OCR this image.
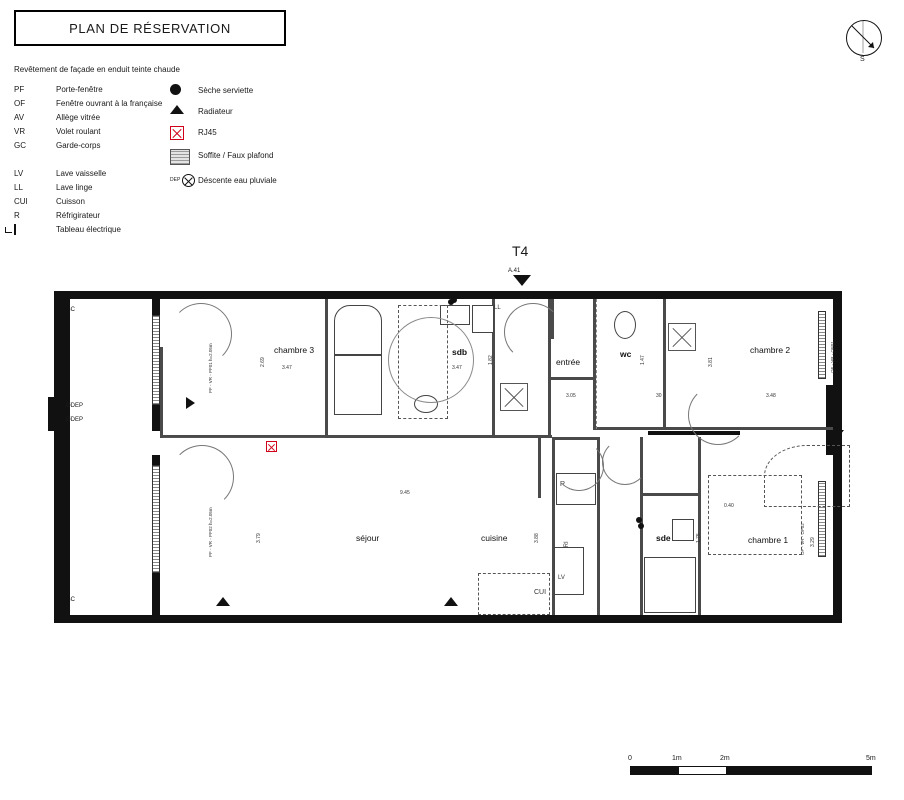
PLAN DE RÉSERVATION
S
Revêtement de façade en enduit teinte chaude
PF	Porte-fenêtre
OF	Fenêtre ouvrant à la française
AV	Allège vitrée
VR	Volet roulant
GC	Garde-corps
LV	Lave vaisselle
LL	Lave linge
CUI	Cuisson
R	Réfrigirateur
Tableau électrique
Sèche serviette
Radiateur
RJ45
Soffite / Faux plafond
DEP Déscente eau pluviale
T4
A.41
GC
GC
ØDEP
ØDEP
chambre 3	sdb
entrée
wc	chambre 2
séjour	cuisine	sde	chambre 1
3.47
2.69
3.47
1.82
3.05
1.47
3.48
3.81
9.45
3.79	3.88	1.75	3.29
30
0.40
PF - VR - PF01 h=2.05m
PF - VR - PF02 h=2.05m
OF - VR - OF01
OF - VR - OF02
LL
CUI
R
LV
0	1m	2m	5m
